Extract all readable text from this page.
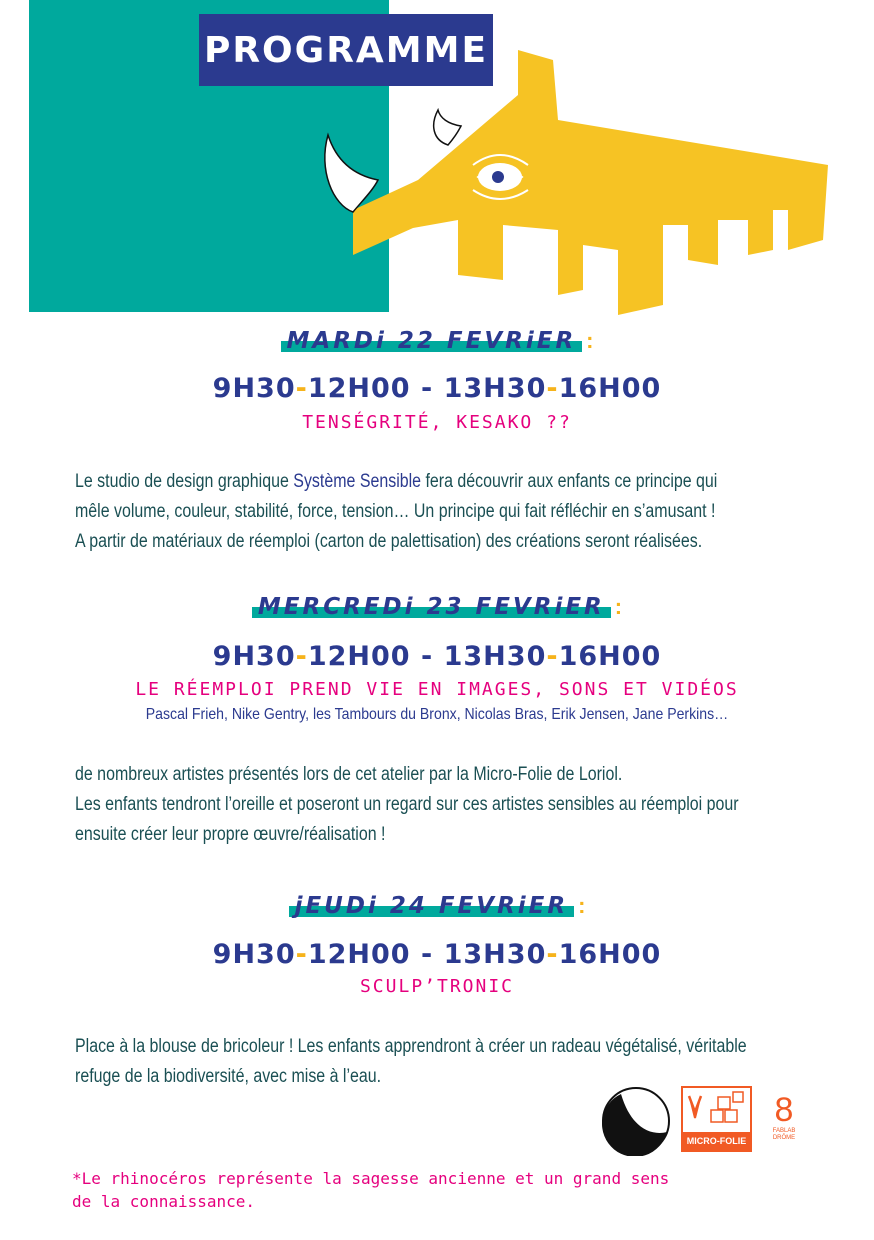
PROGRAMME
MARDi 22 FEVRiER :
9H30-12H00 - 13H30-16H00
TENSÉGRITÉ, KESAKO ??
Le studio de design graphique Système Sensible fera découvrir aux enfants ce principe qui
mêle volume, couleur, stabilité, force, tension… Un principe qui fait réfléchir en s’amusant !
A partir de matériaux de réemploi (carton de palettisation) des créations seront réalisées.
MERCREDi 23 FEVRiER :
9H30-12H00 - 13H30-16H00
LE RÉEMPLOI PREND VIE EN IMAGES, SONS ET VIDÉOS
Pascal Frieh, Nike Gentry, les Tambours du Bronx, Nicolas Bras, Erik Jensen, Jane Perkins…
de nombreux artistes présentés lors de cet atelier par la Micro-Folie de Loriol.
Les enfants tendront l’oreille et poseront un regard sur ces artistes sensibles au réemploi pour
ensuite créer leur propre œuvre/réalisation !
jEUDi 24 FEVRiER :
9H30-12H00 - 13H30-16H00
SCULP’TRONIC
Place à la blouse de bricoleur ! Les enfants apprendront à créer un radeau végétalisé, véritable
refuge de la biodiversité, avec mise à l’eau.
MICRO-FOLIE
8
FABLAB DRÔME
*Le rhinocéros représente la sagesse ancienne et un grand sens
de la connaissance.
